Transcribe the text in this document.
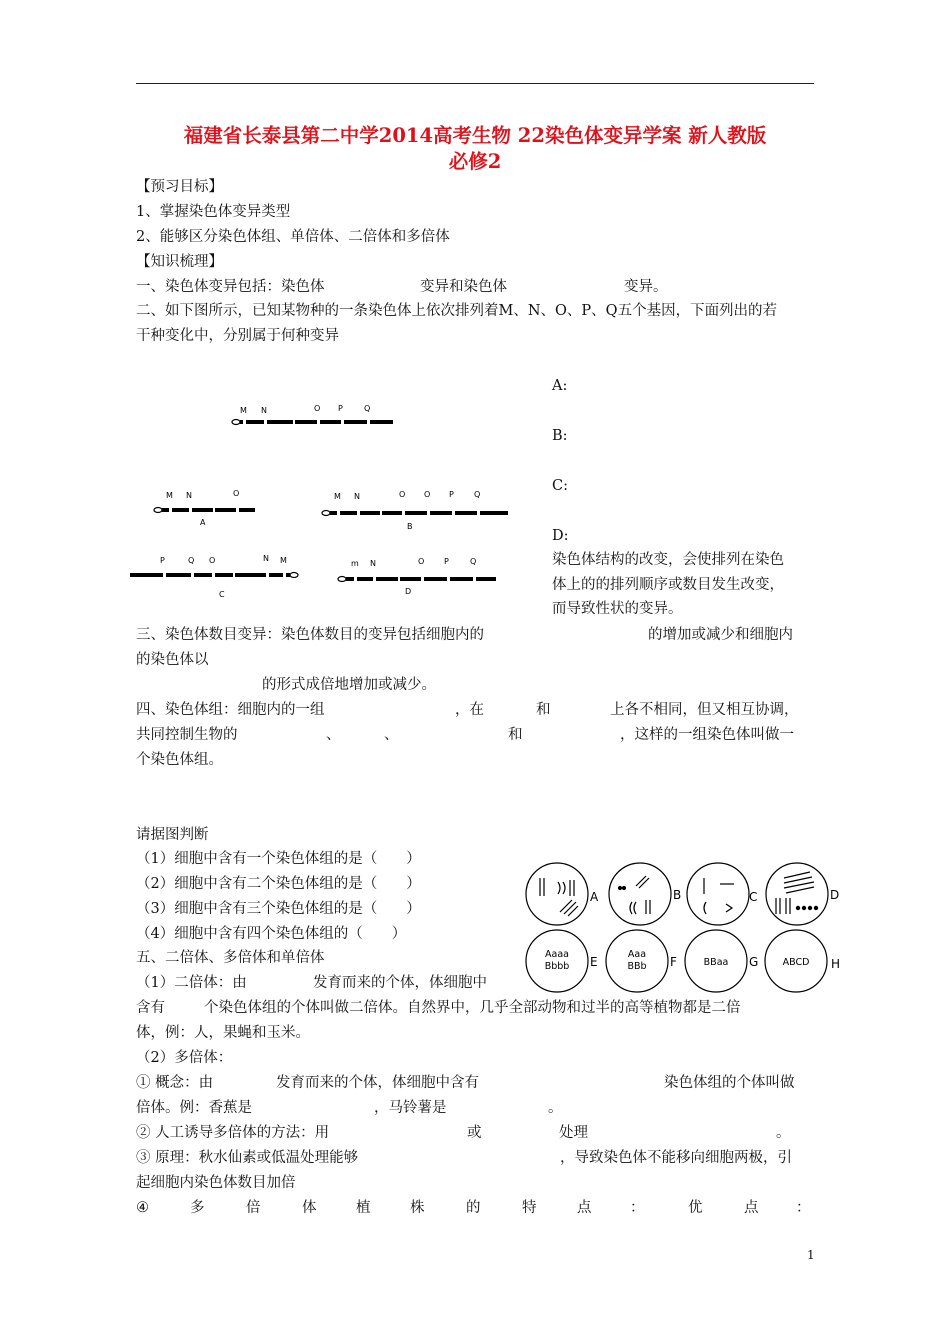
福建省长泰县第二中学2014高考生物 22染色体变异学案 新人教版
必修2
【预习目标】
1、掌握染色体变异类型
2、能够区分染色体组、单倍体、二倍体和多倍体
【知识梳理】
一、染色体变异包括：染色体	变异和染色体	变异。
二、如下图所示，已知某物种的一条染色体上依次排列着M、N、O、P、Q五个基因，下面列出的若
干种变化中，分别属于何种变异
M N	O P	Q
M N	O
A
M N	O O P	Q
B
P	Q O	N M
C
m N	O P	Q
D
A:
B:
C:
D:
染色体结构的改变，会使排列在染色
体上的的排列顺序或数目发生改变，
而导致性状的变异。
三、染色体数目变异：染色体数目的变异包括细胞内的	的增加或减少和细胞内
的染色体以
的形式成倍地增加或减少。
四、染色体组：细胞内的一组	，在	和	上各不相同，但又相互协调，
共同控制生物的	、	、	和	，这样的一组染色体叫做一
个染色体组。
请据图判断
（1）细胞中含有一个染色体组的是（　　）
（2）细胞中含有二个染色体组的是（　　）
（3）细胞中含有三个染色体组的是（　　）
（4）细胞中含有四个染色体组的（　　）
A	B	C	D
E	F	G	H
Aaaa
Bbbb
Aaa
BBb	BBaa	ABCD
五、二倍体、多倍体和单倍体
（1）二倍体：由	发育而来的个体，体细胞中
含有	个染色体组的个体叫做二倍体。自然界中，几乎全部动物和过半的高等植物都是二倍
体，例：人，果蝇和玉米。
（2）多倍体：
① 概念：由	发育而来的个体，体细胞中含有	染色体组的个体叫做
倍体。例：香蕉是	，马铃薯是	。
② 人工诱导多倍体的方法：用	或	处理	。
③ 原理：秋水仙素或低温处理能够	，导致染色体不能移向细胞两极，引
起细胞内染色体数目加倍
④	多	倍	体	植	株	的	特	点	：	优	点	：
1
